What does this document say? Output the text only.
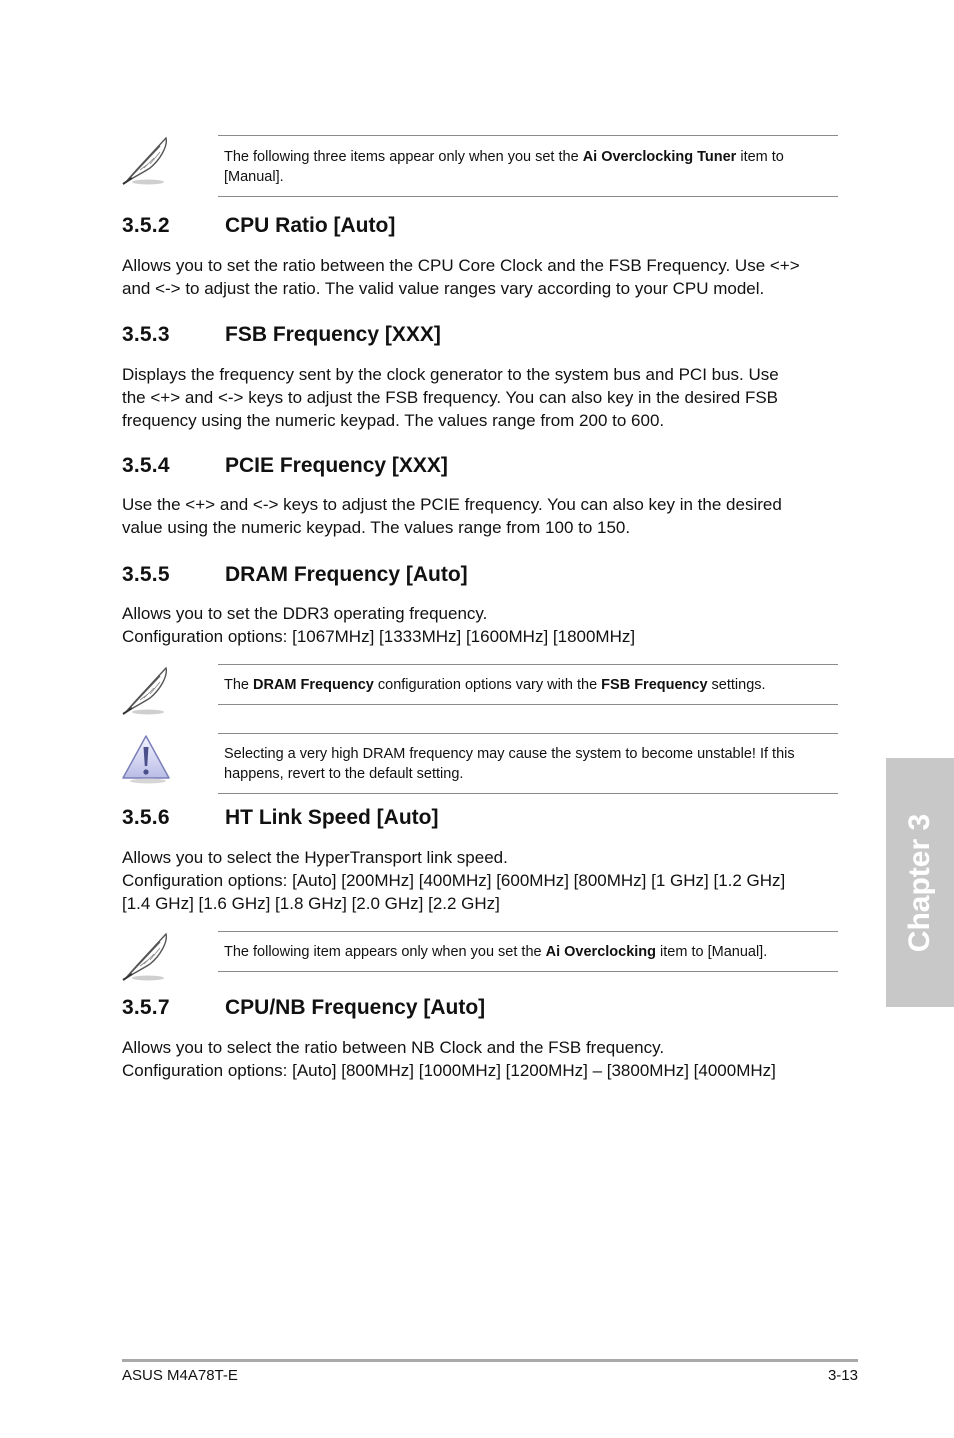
The following three items appear only when you set the Ai Overclocking Tuner item to [Manual].
3.5.2	CPU Ratio [Auto]
Allows you to set the ratio between the CPU Core Clock and the FSB Frequency. Use <+>
and <-> to adjust the ratio. The valid value ranges vary according to your CPU model.
3.5.3	FSB Frequency [XXX]
Displays the frequency sent by the clock generator to the system bus and PCI bus. Use
the <+> and <-> keys to adjust the FSB frequency. You can also key in the desired FSB
frequency using the numeric keypad. The values range from 200 to 600.
3.5.4	PCIE Frequency [XXX]
Use the <+> and <-> keys to adjust the PCIE frequency. You can also key in the desired
value using the numeric keypad. The values range from 100 to 150.
3.5.5	DRAM Frequency [Auto]
Allows you to set the DDR3 operating frequency.
Configuration options: [1067MHz] [1333MHz] [1600MHz] [1800MHz]
The DRAM Frequency configuration options vary with the FSB Frequency settings.
Selecting a very high DRAM frequency may cause the system to become unstable! If this
happens, revert to the default setting.
3.5.6	HT Link Speed [Auto]
Allows you to select the HyperTransport link speed.
Configuration options: [Auto] [200MHz] [400MHz] [600MHz] [800MHz] [1 GHz] [1.2 GHz]
[1.4 GHz] [1.6 GHz] [1.8 GHz] [2.0 GHz] [2.2 GHz]
The following item appears only when you set the Ai Overclocking item to [Manual].
3.5.7	CPU/NB Frequency [Auto]
Allows you to select the ratio between NB Clock and the FSB frequency.
Configuration options: [Auto] [800MHz] [1000MHz] [1200MHz] – [3800MHz] [4000MHz]
Chapter 3
ASUS M4A78T-E	3-13
